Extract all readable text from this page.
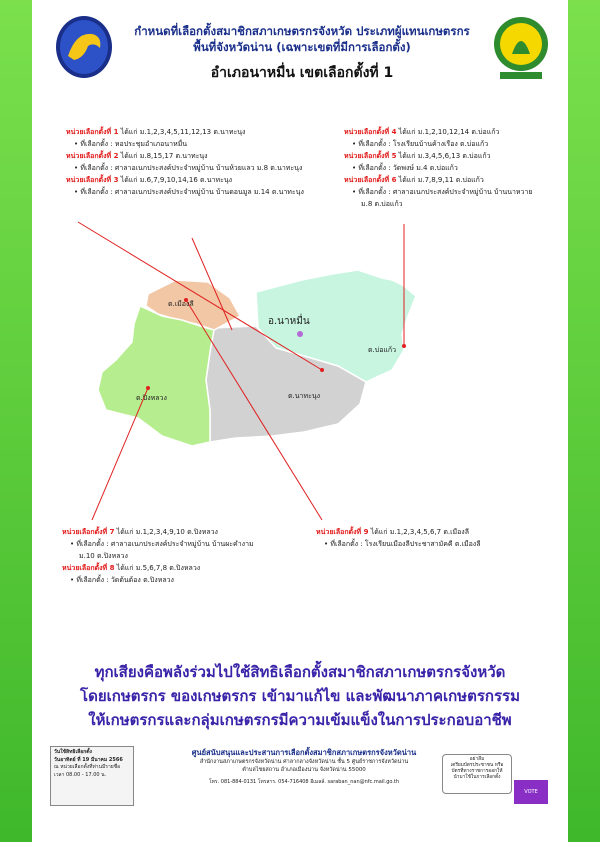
กำหนดที่เลือกตั้งสมาชิกสภาเกษตรกรจังหวัด ประเภทผู้แทนเกษตรกร
พื้นที่จังหวัดน่าน (เฉพาะเขตที่มีการเลือกตั้ง)
อำเภอนาหมื่น เขตเลือกตั้งที่ 1
อ.นาหมื่น
ต.เมืองลี
ต.ปิงหลวง	ต.นาทะนุง
ต.บ่อแก้ว
หน่วยเลือกตั้งที่ 1 ได้แก่ ม.1,2,3,4,5,11,12,13 ต.นาทะนุง
• ที่เลือกตั้ง : หอประชุมอำเภอนาหมื่น
หน่วยเลือกตั้งที่ 2 ได้แก่ ม.8,15,17 ต.นาทะนุง
• ที่เลือกตั้ง : ศาลาอเนกประสงค์ประจำหมู่บ้าน บ้านห้วยแลว ม.8 ต.นาทะนุง
หน่วยเลือกตั้งที่ 3 ได้แก่ ม.6,7,9,10,14,16 ต.นาทะนุง
• ที่เลือกตั้ง : ศาลาอเนกประสงค์ประจำหมู่บ้าน บ้านดอนมูล ม.14 ต.นาทะนุง
หน่วยเลือกตั้งที่ 4 ได้แก่ ม.1,2,10,12,14 ต.บ่อแก้ว
• ที่เลือกตั้ง : โรงเรียนบ้านค้างเรือง ต.บ่อแก้ว
หน่วยเลือกตั้งที่ 5 ได้แก่ ม.3,4,5,6,13 ต.บ่อแก้ว
• ที่เลือกตั้ง : วัดพงษ์ ม.4 ต.บ่อแก้ว
หน่วยเลือกตั้งที่ 6 ได้แก่ ม.7,8,9,11 ต.บ่อแก้ว
• ที่เลือกตั้ง : ศาลาอเนกประสงค์ประจำหมู่บ้าน บ้านนาหวาย
ม.8 ต.บ่อแก้ว
หน่วยเลือกตั้งที่ 7 ได้แก่ ม.1,2,3,4,9,10 ต.ปิงหลวง
• ที่เลือกตั้ง : ศาลาอเนกประสงค์ประจำหมู่บ้าน บ้านผะคำงาม
ม.10 ต.ปิงหลวง
หน่วยเลือกตั้งที่ 8 ได้แก่ ม.5,6,7,8 ต.ปิงหลวง
• ที่เลือกตั้ง : วัดต้นต้อง ต.ปิงหลวง
หน่วยเลือกตั้งที่ 9 ได้แก่ ม.1,2,3,4,5,6,7 ต.เมืองลี
• ที่เลือกตั้ง : โรงเรียนเมืองลีประชาสามัคคี ต.เมืองลี
ทุกเสียงคือพลังร่วมไปใช้สิทธิเลือกตั้งสมาชิกสภาเกษตรกรจังหวัด
โดยเกษตรกร ของเกษตรกร เข้ามาแก้ไข และพัฒนาภาคเกษตรกรรม
ให้เกษตรกรและกลุ่มเกษตรกรมีความเข้มแข็งในการประกอบอาชีพ
วันใช้สิทธิเลือกตั้ง
วันอาทิตย์ ที่ 19 มีนาคม 2566
ณ หน่วยเลือกตั้งที่ท่านมีรายชื่อ
เวลา 08.00 - 17.00 น.
ศูนย์สนับสนุนและประสานการเลือกตั้งสมาชิกสภาเกษตรกรจังหวัดน่าน
สำนักงานสภาเกษตรกรจังหวัดน่าน ศาลากลางจังหวัดน่าน ชั้น 5 ศูนย์ราชการจังหวัดน่าน
ตำบลไชยสถาน อำเภอเมืองน่าน จังหวัดน่าน 55000
โทร. 081-884-0131 โทรสาร. 054-716408 อีเมลล์. saraban_nan@nfc.mail.go.th
อย่าลืม
เตรียมบัตรประชาชน หรือ
บัตรที่ทางราชการออกให้
นำมาใช้ในการเลือกตั้ง
VOTE
